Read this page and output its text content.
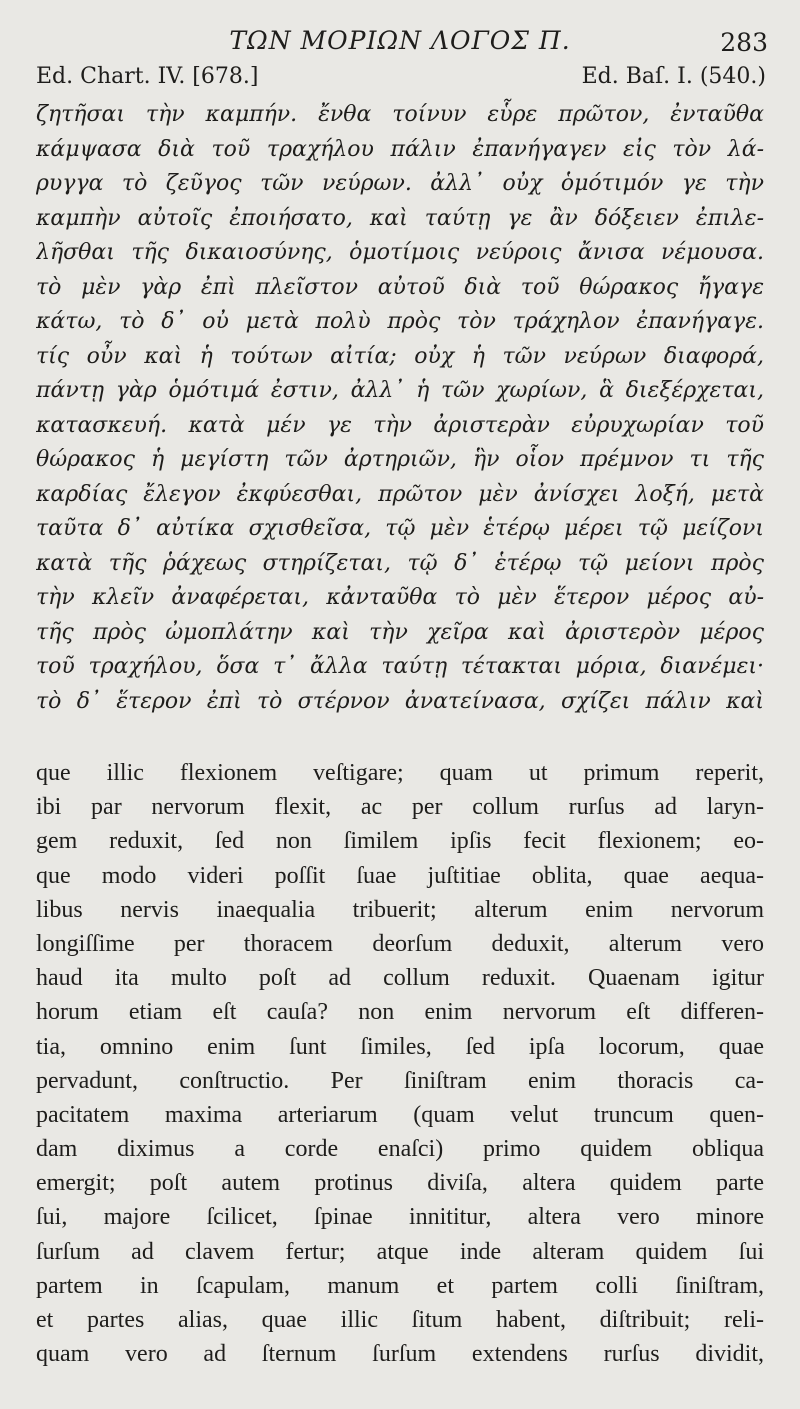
ΤΩΝ ΜΟΡΙΩΝ ΛΟΓΟΣ Π.	283
Ed. Chart. IV. [678.]	Ed. Baſ. I. (540.)
ζητῆσαι τὴν καμπήν. ἔνθα τοίνυν εὗρε πρῶτον, ἐνταῦθα
κάμψασα διὰ τοῦ τραχήλου πάλιν ἐπανήγαγεν εἰς τὸν λά-
ρυγγα τὸ ζεῦγος τῶν νεύρων. ἀλλ᾿ οὐχ ὁμότιμόν γε τὴν
καμπὴν αὐτοῖς ἐποιήσατο, καὶ ταύτῃ γε ἂν δόξειεν ἐπιλε-
λῆσθαι τῆς δικαιοσύνης, ὁμοτίμοις νεύροις ἄνισα νέμουσα.
τὸ μὲν γὰρ ἐπὶ πλεῖστον αὐτοῦ διὰ τοῦ θώρακος ἤγαγε
κάτω, τὸ δ᾿ οὐ μετὰ πολὺ πρὸς τὸν τράχηλον ἐπανήγαγε.
τίς οὖν καὶ ἡ τούτων αἰτία; οὐχ ἡ τῶν νεύρων διαφορά,
πάντῃ γὰρ ὁμότιμά ἐστιν, ἀλλ᾿ ἡ τῶν χωρίων, ἃ διεξέρχεται,
κατασκευή. κατὰ μέν γε τὴν ἀριστερὰν εὐρυχωρίαν τοῦ
θώρακος ἡ μεγίστη τῶν ἀρτηριῶν, ἣν οἷον πρέμνον τι τῆς
καρδίας ἔλεγον ἐκφύεσθαι, πρῶτον μὲν ἀνίσχει λοξή, μετὰ
ταῦτα δ᾿ αὐτίκα σχισθεῖσα, τῷ μὲν ἑτέρῳ μέρει τῷ μείζονι
κατὰ τῆς ῥάχεως στηρίζεται, τῷ δ᾿ ἑτέρῳ τῷ μείονι πρὸς
τὴν κλεῖν ἀναφέρεται, κἀνταῦθα τὸ μὲν ἕτερον μέρος αὐ-
τῆς πρὸς ὠμοπλάτην καὶ τὴν χεῖρα καὶ ἀριστερὸν μέρος
τοῦ τραχήλου, ὅσα τ᾿ ἄλλα ταύτῃ τέτακται μόρια, διανέμει·
τὸ δ᾿ ἕτερον ἐπὶ τὸ στέρνον ἀνατείνασα, σχίζει πάλιν καὶ
que illic flexionem veſtigare; quam ut primum reperit,
ibi par nervorum flexit, ac per collum rurſus ad laryn-
gem reduxit, ſed non ſimilem ipſis fecit flexionem; eo-
que modo videri poſſit ſuae juſtitiae oblita, quae aequa-
libus nervis inaequalia tribuerit; alterum enim nervorum
longiſſime per thoracem deorſum deduxit, alterum vero
haud ita multo poſt ad collum reduxit. Quaenam igitur
horum etiam eſt cauſa? non enim nervorum eſt differen-
tia, omnino enim ſunt ſimiles, ſed ipſa locorum, quae
pervadunt, conſtructio. Per ſiniſtram enim thoracis ca-
pacitatem maxima arteriarum (quam velut truncum quen-
dam diximus a corde enaſci) primo quidem obliqua
emergit; poſt autem protinus diviſa, altera quidem parte
ſui, majore ſcilicet, ſpinae innititur, altera vero minore
ſurſum ad clavem fertur; atque inde alteram quidem ſui
partem in ſcapulam, manum et partem colli ſiniſtram,
et partes alias, quae illic ſitum habent, diſtribuit; reli-
quam vero ad ſternum ſurſum extendens rurſus dividit,
